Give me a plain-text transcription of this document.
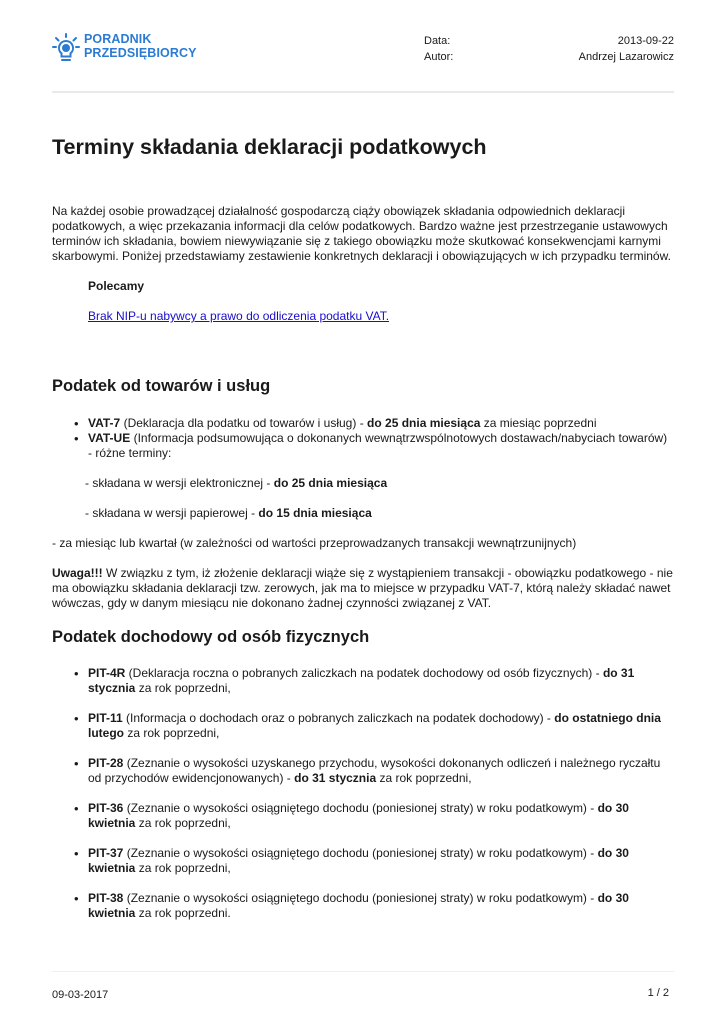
PORADNIK
PRZEDSIĘBIORCY
Data:	2013-09-22
Autor:	Andrzej Lazarowicz
Terminy składania deklaracji podatkowych

Na każdej osobie prowadzącej działalność gospodarczą ciąży obowiązek składania odpowiednich deklaracji podatkowych, a więc przekazania informacji dla celów podatkowych. Bardzo ważne jest przestrzeganie ustawowych terminów ich składania, bowiem niewywiązanie się z takiego obowiązku może skutkować konsekwencjami karnymi skarbowymi. Poniżej przedstawiamy zestawienie konkretnych deklaracji i obowiązujących w ich przypadku terminów.

Polecamy

Brak NIP-u nabywcy a prawo do odliczenia podatku VAT.

Podatek od towarów i usług
• VAT-7 (Deklaracja dla podatku od towarów i usług) - do 25 dnia miesiąca za miesiąc poprzedni
• VAT-UE (Informacja podsumowująca o dokonanych wewnątrzwspólnotowych dostawach/nabyciach towarów)

- różne terminy:

- składana w wersji elektronicznej - do 25 dnia miesiąca

- składana w wersji papierowej - do 15 dnia miesiąca

- za miesiąc lub kwartał (w zależności od wartości przeprowadzanych transakcji wewnątrzunijnych)

Uwaga!!! W związku z tym, iż złożenie deklaracji wiąże się z wystąpieniem transakcji - obowiązku podatkowego - nie ma obowiązku składania deklaracji tzw. zerowych, jak ma to miejsce w przypadku VAT-7, którą należy składać nawet wówczas, gdy w danym miesiącu nie dokonano żadnej czynności związanej z VAT.

Podatek dochodowy od osób fizycznych
• PIT-4R (Deklaracja roczna o pobranych zaliczkach na podatek dochodowy od osób fizycznych) - do 31 stycznia za rok poprzedni,
• PIT-11 (Informacja o dochodach oraz o pobranych zaliczkach na podatek dochodowy) - do ostatniego dnia lutego za rok poprzedni,
• PIT-28 (Zeznanie o wysokości uzyskanego przychodu, wysokości dokonanych odliczeń i należnego ryczałtu od przychodów ewidencjonowanych) - do 31 stycznia za rok poprzedni,
• PIT-36 (Zeznanie o wysokości osiągniętego dochodu (poniesionej straty) w roku podatkowym) - do 30 kwietnia za rok poprzedni,
• PIT-37 (Zeznanie o wysokości osiągniętego dochodu (poniesionej straty) w roku podatkowym) - do 30 kwietnia za rok poprzedni,
• PIT-38 (Zeznanie o wysokości osiągniętego dochodu (poniesionej straty) w roku podatkowym) - do 30 kwietnia za rok poprzedni.
09-03-2017	1 / 2
